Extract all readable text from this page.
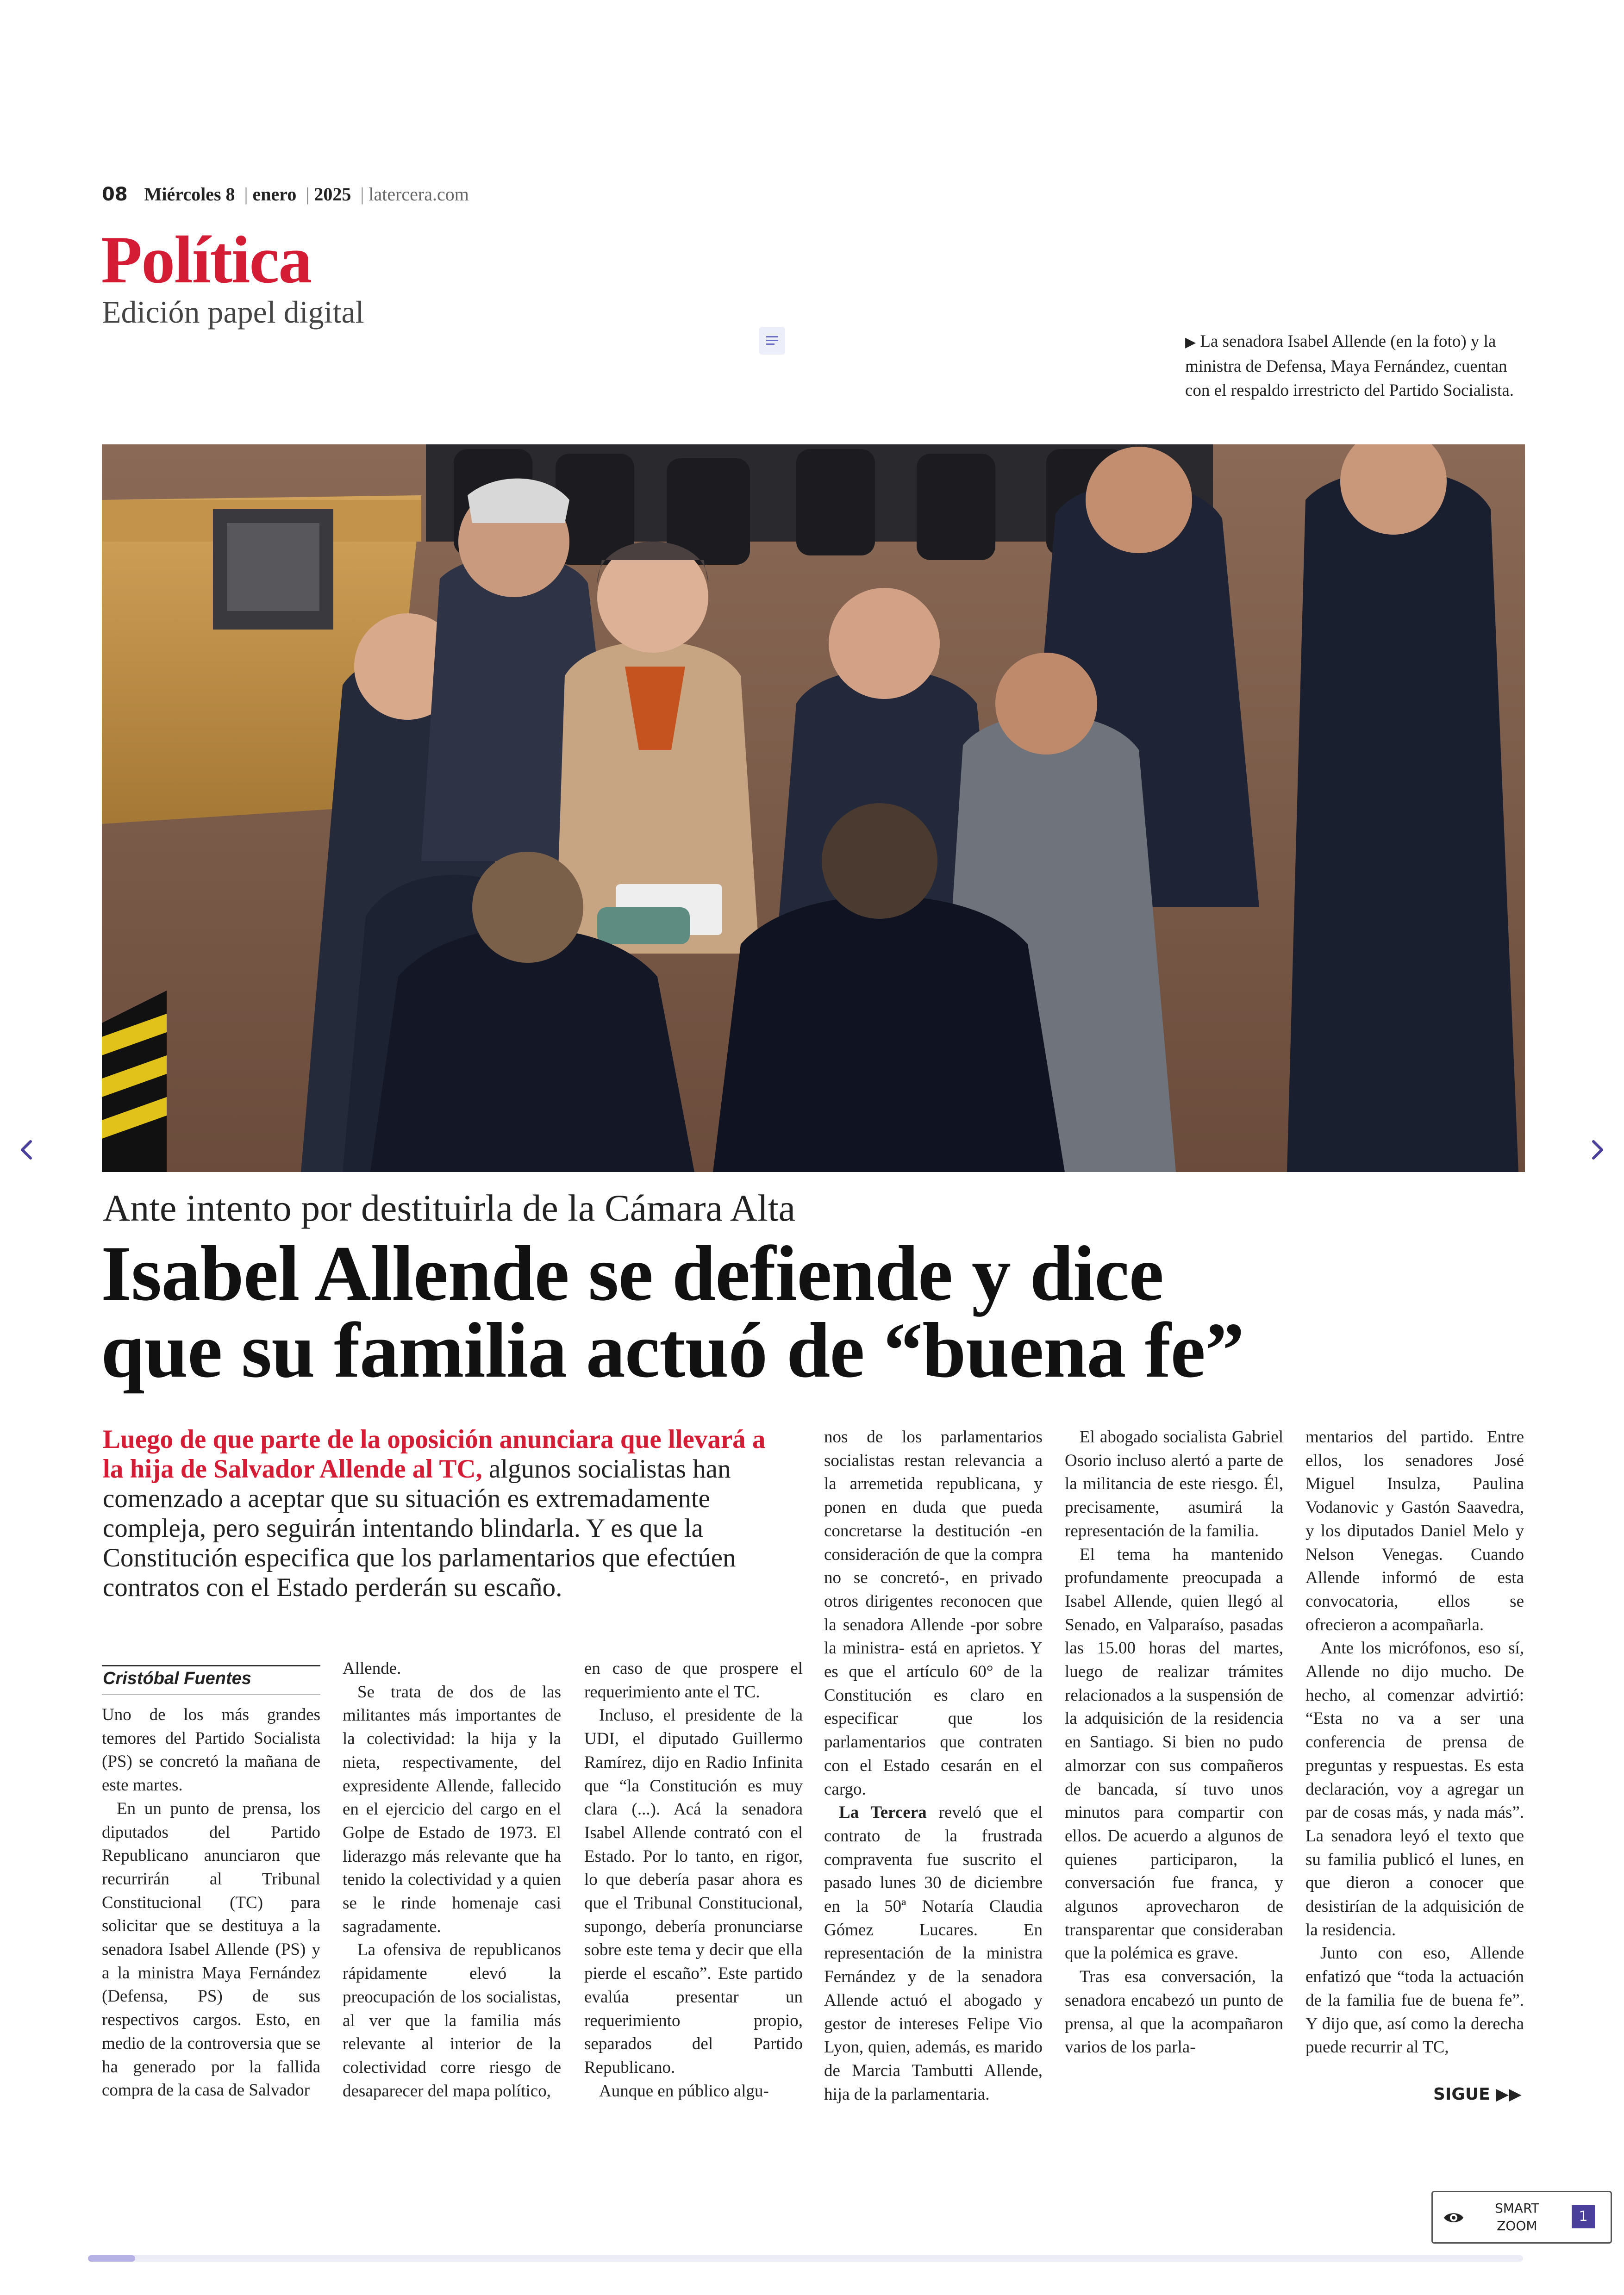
08 Miércoles 8 | enero | 2025 | latercera.com
Política
Edición papel digital
▶ La senadora Isabel Allende (en la foto) y la ministra de Defensa, Maya Fernández, cuentan con el respaldo irrestricto del Partido Socialista.
Ante intento por destituirla de la Cámara Alta
Isabel Allende se defiende y dice
que su familia actuó de “buena fe”
Luego de que parte de la oposición anunciara que llevará a la hija de Salvador Allende al TC, algunos socialistas han comenzado a aceptar que su situación es extremadamente compleja, pero seguirán intentando blindarla. Y es que la Constitución especifica que los parlamentarios que efectúen contratos con el Estado perderán su escaño.
Cristóbal Fuentes

Uno de los más grandes temores del Partido Socialista (PS) se concretó la mañana de este martes.

En un punto de prensa, los diputados del Partido Republicano anunciaron que recurrirán al Tribunal Constitucional (TC) para solicitar que se destituya a la senadora Isabel Allende (PS) y a la ministra Maya Fernández (Defensa, PS) de sus respectivos cargos. Esto, en medio de la controversia que se ha generado por la fallida compra de la casa de Salvador

Allende.

Se trata de dos de las militantes más importantes de la colectividad: la hija y la nieta, respectivamente, del expresidente Allende, fallecido en el ejercicio del cargo en el Golpe de Estado de 1973. El liderazgo más relevante que ha tenido la colectividad y a quien se le rinde homenaje casi sagradamente.

La ofensiva de republicanos rápidamente elevó la preocupación de los socialistas, al ver que la familia más relevante al interior de la colectividad corre riesgo de desaparecer del mapa político,

en caso de que prospere el requerimiento ante el TC.

Incluso, el presidente de la UDI, el diputado Guillermo Ramírez, dijo en Radio Infinita que “la Constitución es muy clara (...). Acá la senadora Isabel Allende contrató con el Estado. Por lo tanto, en rigor, lo que debería pasar ahora es que el Tribunal Constitucional, supongo, debería pronunciarse sobre este tema y decir que ella pierde el escaño”. Este partido evalúa presentar un requerimiento propio, separados del Partido Republicano.

Aunque en público algu-

nos de los parlamentarios socialistas restan relevancia a la arremetida republicana, y ponen en duda que pueda concretarse la destitución -en consideración de que la compra no se concretó-, en privado otros dirigentes reconocen que la senadora Allende -por sobre la ministra- está en aprietos. Y es que el artículo 60° de la Constitución es claro en especificar que los parlamentarios que contraten con el Estado cesarán en el cargo.

La Tercera reveló que el contrato de la frustrada compraventa fue suscrito el pasado lunes 30 de diciembre en la 50ª Notaría Claudia Gómez Lucares. En representación de la ministra Fernández y de la senadora Allende actuó el abogado y gestor de intereses Felipe Vio Lyon, quien, además, es marido de Marcia Tambutti Allende, hija de la parlamentaria.

El abogado socialista Gabriel Osorio incluso alertó a parte de la militancia de este riesgo. Él, precisamente, asumirá la representación de la familia.

El tema ha mantenido profundamente preocupada a Isabel Allende, quien llegó al Senado, en Valparaíso, pasadas las 15.00 horas del martes, luego de realizar trámites relacionados a la suspensión de la adquisición de la residencia en Santiago. Si bien no pudo almorzar con sus compañeros de bancada, sí tuvo unos minutos para compartir con ellos. De acuerdo a algunos de quienes participaron, la conversación fue franca, y algunos aprovecharon de transparentar que consideraban que la polémica es grave.

Tras esa conversación, la senadora encabezó un punto de prensa, al que la acompañaron varios de los parla-

mentarios del partido. Entre ellos, los senadores José Miguel Insulza, Paulina Vodanovic y Gastón Saavedra, y los diputados Daniel Melo y Nelson Venegas. Cuando Allende informó de esta convocatoria, ellos se ofrecieron a acompañarla.

Ante los micrófonos, eso sí, Allende no dijo mucho. De hecho, al comenzar advirtió: “Esta no va a ser una conferencia de prensa de preguntas y respuestas. Es esta declaración, voy a agregar un par de cosas más, y nada más”. La senadora leyó el texto que su familia publicó el lunes, en que dieron a conocer que desistirían de la adquisición de la residencia.

Junto con eso, Allende enfatizó que “toda la actuación de la familia fue de buena fe”. Y dijo que, así como la derecha puede recurrir al TC,

SIGUE ▶▶
SMART
ZOOM
1
